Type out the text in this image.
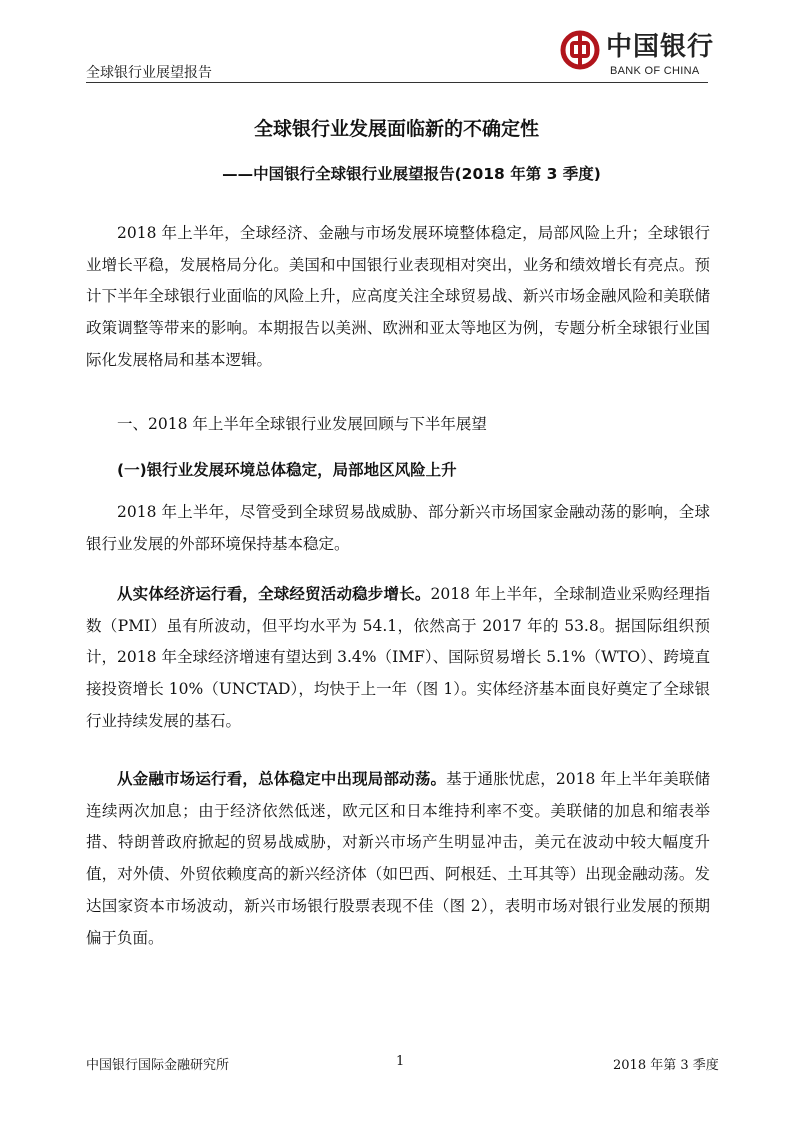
全球银行业展望报告
中国银行
BANK OF CHINA
全球银行业发展面临新的不确定性
——中国银行全球银行业展望报告(2018 年第 3 季度)
2018 年上半年，全球经济、金融与市场发展环境整体稳定，局部风险上升；全球银行业增长平稳，发展格局分化。美国和中国银行业表现相对突出，业务和绩效增长有亮点。预计下半年全球银行业面临的风险上升，应高度关注全球贸易战、新兴市场金融风险和美联储政策调整等带来的影响。本期报告以美洲、欧洲和亚太等地区为例，专题分析全球银行业国际化发展格局和基本逻辑。
一、2018 年上半年全球银行业发展回顾与下半年展望
(一)银行业发展环境总体稳定，局部地区风险上升
2018 年上半年，尽管受到全球贸易战威胁、部分新兴市场国家金融动荡的影响，全球银行业发展的外部环境保持基本稳定。
从实体经济运行看，全球经贸活动稳步增长。2018 年上半年，全球制造业采购经理指数（PMI）虽有所波动，但平均水平为 54.1，依然高于 2017 年的 53.8。据国际组织预计，2018 年全球经济增速有望达到 3.4%（IMF）、国际贸易增长 5.1%（WTO）、跨境直接投资增长 10%（UNCTAD），均快于上一年（图 1）。实体经济基本面良好奠定了全球银行业持续发展的基石。
从金融市场运行看，总体稳定中出现局部动荡。基于通胀忧虑，2018 年上半年美联储连续两次加息；由于经济依然低迷，欧元区和日本维持利率不变。美联储的加息和缩表举措、特朗普政府掀起的贸易战威胁，对新兴市场产生明显冲击，美元在波动中较大幅度升值，对外债、外贸依赖度高的新兴经济体（如巴西、阿根廷、土耳其等）出现金融动荡。发达国家资本市场波动，新兴市场银行股票表现不佳（图 2），表明市场对银行业发展的预期偏于负面。
中国银行国际金融研究所	1	2018 年第 3 季度
